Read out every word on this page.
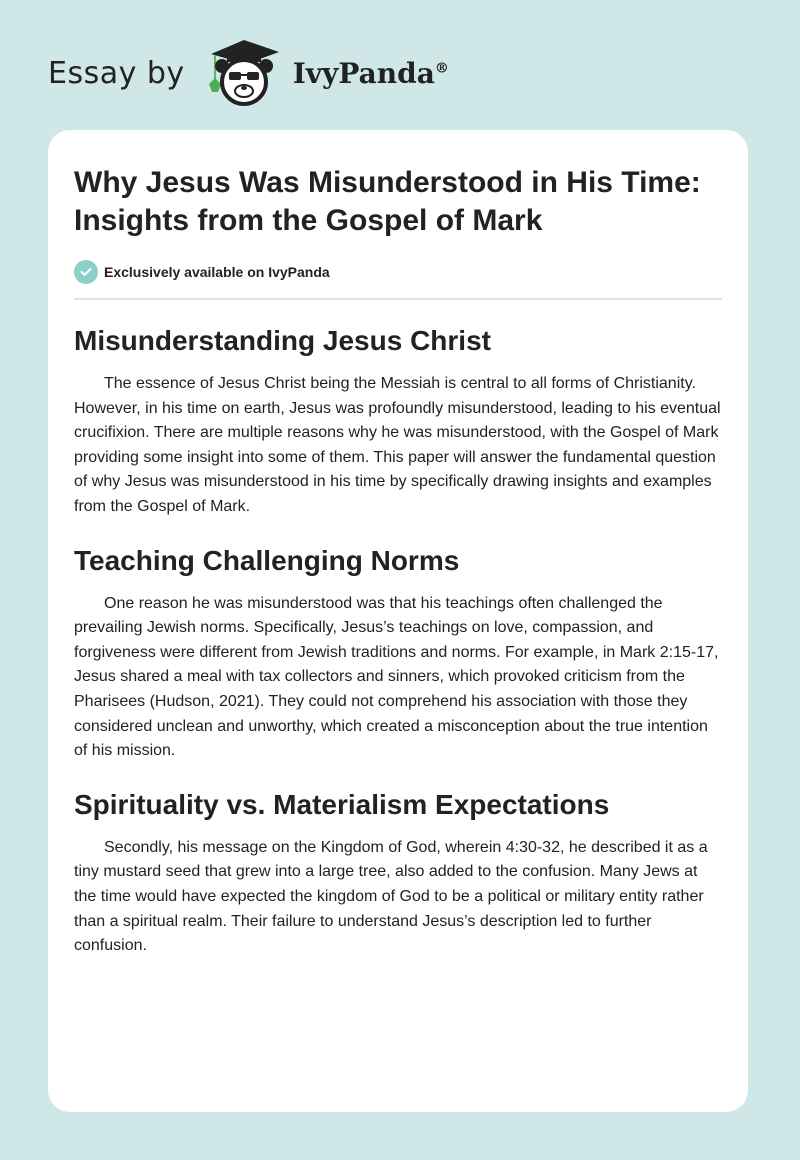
Essay by	IvyPanda®
Why Jesus Was Misunderstood in His Time: Insights from the Gospel of Mark
Exclusively available on IvyPanda
Misunderstanding Jesus Christ

The essence of Jesus Christ being the Messiah is central to all forms of Christianity. However, in his time on earth, Jesus was profoundly misunderstood, leading to his eventual crucifixion. There are multiple reasons why he was misunderstood, with the Gospel of Mark providing some insight into some of them. This paper will answer the fundamental question of why Jesus was misunderstood in his time by specifically drawing insights and examples from the Gospel of Mark.

Teaching Challenging Norms

One reason he was misunderstood was that his teachings often challenged the prevailing Jewish norms. Specifically, Jesus’s teachings on love, compassion, and forgiveness were different from Jewish traditions and norms. For example, in Mark 2:15-17, Jesus shared a meal with tax collectors and sinners, which provoked criticism from the Pharisees (Hudson, 2021). They could not comprehend his association with those they considered unclean and unworthy, which created a misconception about the true intention of his mission.

Spirituality vs. Materialism Expectations

Secondly, his message on the Kingdom of God, wherein 4:30-32, he described it as a tiny mustard seed that grew into a large tree, also added to the confusion. Many Jews at the time would have expected the kingdom of God to be a political or military entity rather than a spiritual realm. Their failure to understand Jesus’s description led to further confusion.
